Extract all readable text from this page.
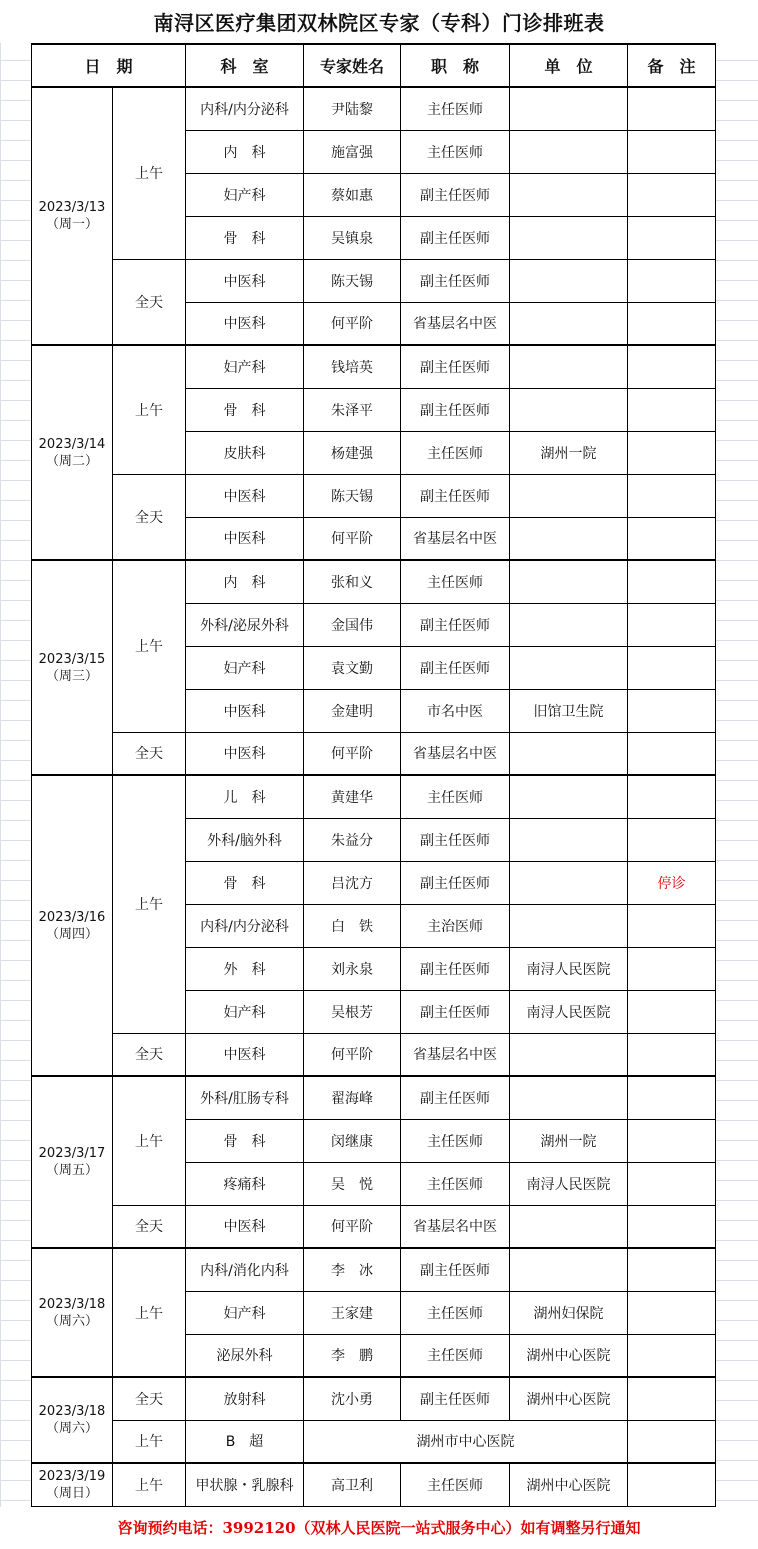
南浔区医疗集团双林院区专家（专科）门诊排班表
日　期		科　室	专家姓名	职　称	单　位	备　注

2023/3/13
（周一）	上午	内科/内分泌科	尹陆黎	主任医师		
		内　科	施富强	主任医师		
		妇产科	蔡如惠	副主任医师		
		骨　科	吴镇泉	副主任医师		
	全天	中医科	陈天锡	副主任医师		
		中医科	何平阶	省基层名中医		

2023/3/14
（周二）	上午	妇产科	钱培英	副主任医师		
		骨　科	朱泽平	副主任医师		
		皮肤科	杨建强	主任医师	湖州一院	
	全天	中医科	陈天锡	副主任医师		
		中医科	何平阶	省基层名中医		

2023/3/15
（周三）	上午	内　科	张和义	主任医师		
		外科/泌尿外科	金国伟	副主任医师		
		妇产科	袁文勤	副主任医师		
		中医科	金建明	市名中医	旧馆卫生院	
	全天	中医科	何平阶	省基层名中医		

2023/3/16
（周四）	上午	儿　科	黄建华	主任医师		
		外科/脑外科	朱益分	副主任医师		
		骨　科	吕沈方	副主任医师		停诊
		内科/内分泌科	白　铁	主治医师		
		外　科	刘永泉	副主任医师	南浔人民医院	
		妇产科	吴根芳	副主任医师	南浔人民医院	
	全天	中医科	何平阶	省基层名中医		

2023/3/17
（周五）	上午	外科/肛肠专科	翟海峰	副主任医师		
		骨　科	闵继康	主任医师	湖州一院	
		疼痛科	吴　悦	主任医师	南浔人民医院	
	全天	中医科	何平阶	省基层名中医		

2023/3/18
（周六）	上午	内科/消化内科	李　冰	副主任医师		
		妇产科	王家建	主任医师	湖州妇保院	
		泌尿外科	李　鹏	主任医师	湖州中心医院	

2023/3/18
（周六）	全天	放射科	沈小勇	副主任医师	湖州中心医院	
	上午	B　超	湖州市中心医院			

2023/3/19
（周日）	上午	甲状腺・乳腺科	高卫利	主任医师	湖州中心医院	
咨询预约电话：3992120（双林人民医院一站式服务中心）如有调整另行通知
